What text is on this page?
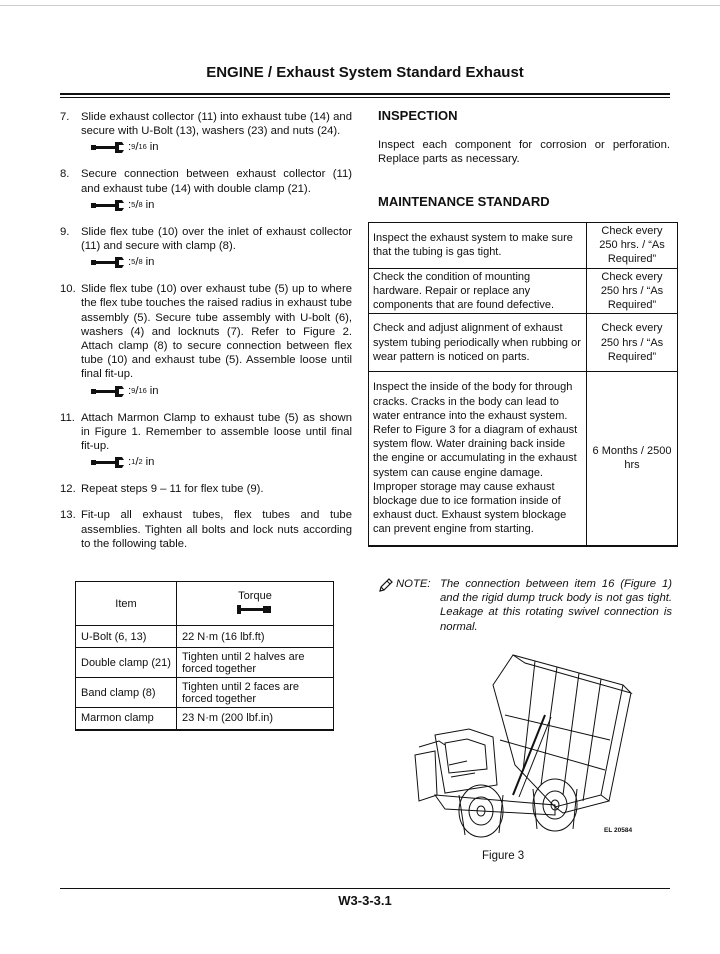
ENGINE / Exhaust System Standard Exhaust
7.	Slide exhaust collector (11) into exhaust tube (14) and secure with U-Bolt (13), washers (23) and nuts (24).
: 9 / 16 in
8.	Secure connection between exhaust collector (11) and exhaust tube (14) with double clamp (21).
: 5 / 8 in
9.	Slide flex tube (10) over the inlet of exhaust collector (11) and secure with clamp (8).
: 5 / 8 in
10. Slide flex tube (10) over exhaust tube (5) up to where the flex tube touches the raised radius in exhaust tube assembly (5). Secure tube assembly with U-bolt (6), washers (4) and locknuts (7). Refer to Figure 2. Attach clamp (8) to secure connection between flex tube (10) and exhaust tube (5). Assemble loose until final fit-up.
: 9 / 16 in
11. Attach Marmon Clamp to exhaust tube (5) as shown in Figure 1. Remember to assemble loose until final fit-up.
: 1 / 2 in
12. Repeat steps 9 – 11 for flex tube (9).
13. Fit-up all exhaust tubes, flex tubes and tube assemblies. Tighten all bolts and lock nuts according to the following table.
Item	Torque

U-Bolt (6, 13)	22 N·m (16 lbf.ft)
Double clamp (21)	Tighten until 2 halves are forced together
Band clamp (8)	Tighten until 2 faces are forced together
Marmon clamp	23 N·m (200 lbf.in)
INSPECTION
Inspect each component for corrosion or perforation. Replace parts as necessary.
MAINTENANCE STANDARD
Inspect the exhaust system to make sure that the tubing is gas tight.	Check every 250 hrs. / “As Required”
Check the condition of mounting hardware. Repair or replace any components that are found defective.	Check every 250 hrs / “As Required”
Check and adjust alignment of exhaust system tubing periodically when rubbing or wear pattern is noticed on parts.	Check every 250 hrs / “As Required”
Inspect the inside of the body for through cracks. Cracks in the body can lead to water entrance into the exhaust system. Refer to Figure 3 for a diagram of exhaust system flow. Water draining back inside the engine or accumulating in the exhaust system can cause engine damage. Improper storage may cause exhaust blockage due to ice formation inside of exhaust duct. Exhaust system blockage can prevent engine from starting.	6 Months / 2500 hrs
NOTE: The connection between item 16 (Figure 1) and the rigid dump truck body is not gas tight. Leakage at this rotating swivel connection is normal.
EL 20584
Figure 3
W3-3-3.1
